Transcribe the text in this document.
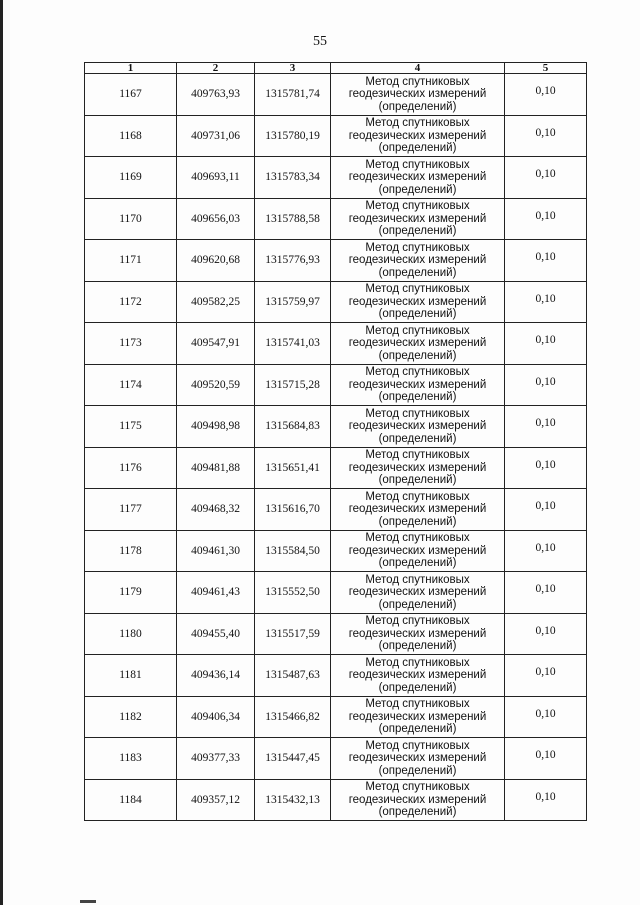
55
1	2	3	4	5
1167	409763,93	1315781,74	Метод спутниковых
геодезических измерений
(определений)	0,10
1168	409731,06	1315780,19	Метод спутниковых
геодезических измерений
(определений)	0,10
1169	409693,11	1315783,34	Метод спутниковых
геодезических измерений
(определений)	0,10
1170	409656,03	1315788,58	Метод спутниковых
геодезических измерений
(определений)	0,10
1171	409620,68	1315776,93	Метод спутниковых
геодезических измерений
(определений)	0,10
1172	409582,25	1315759,97	Метод спутниковых
геодезических измерений
(определений)	0,10
1173	409547,91	1315741,03	Метод спутниковых
геодезических измерений
(определений)	0,10
1174	409520,59	1315715,28	Метод спутниковых
геодезических измерений
(определений)	0,10
1175	409498,98	1315684,83	Метод спутниковых
геодезических измерений
(определений)	0,10
1176	409481,88	1315651,41	Метод спутниковых
геодезических измерений
(определений)	0,10
1177	409468,32	1315616,70	Метод спутниковых
геодезических измерений
(определений)	0,10
1178	409461,30	1315584,50	Метод спутниковых
геодезических измерений
(определений)	0,10
1179	409461,43	1315552,50	Метод спутниковых
геодезических измерений
(определений)	0,10
1180	409455,40	1315517,59	Метод спутниковых
геодезических измерений
(определений)	0,10
1181	409436,14	1315487,63	Метод спутниковых
геодезических измерений
(определений)	0,10
1182	409406,34	1315466,82	Метод спутниковых
геодезических измерений
(определений)	0,10
1183	409377,33	1315447,45	Метод спутниковых
геодезических измерений
(определений)	0,10
1184	409357,12	1315432,13	Метод спутниковых
геодезических измерений
(определений)	0,10
